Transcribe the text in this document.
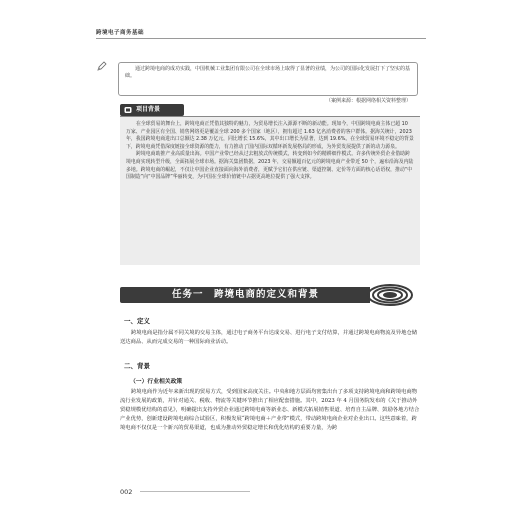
跨境电子商务基础
通过跨境电商的成功实践，中国机械工业集团有限公司在全球市场上取得了显著的业绩，为公司的国际化发展打下了坚实的基础。
（案例来源：根据网络相关资料整理）
项目背景

在全球贸易的舞台上，跨境电商正凭借其独特的魅力，为贸易增长注入源源不断的新动能。现如今，中国跨境电商主体已超 10 万家、产业园区有全国、销售网络更是覆盖全球 200 多个国家（地区），拥有超过 1.63 亿名消费者的客户群体。据海关统计，2023 年，我国跨境电商进出口总额达 2.38 万亿元，同比增长 15.6%，其中出口增长为显著，达到 19.6%。在全球贸易环境不稳定的背景下，跨境电商凭借深度链接全球资源的能力，有力推动了国内国际双循环新发展格局的形成，为外贸发展提供了新的动力源泉。

跨境电商助推产业高质量出海。中国产业带已经从过去粗放式传统模式，转变到如今的精耕细作模式。许多传统外贸企业借助跨境电商实现转型升级，全面拓展全球市场。据海关集团数据，2023 年，交易额超百亿元的跨境电商产业带近 50 个，遍布沿海及内陆多地。跨境电商的崛起，不仅让中国企业直接面向海外消费者，更赋予它们在供应链、渠道控制、定价等方面的核心话语权，推动“中国制造”向“中国品牌”华丽转变，为中国在全球价值链中占据更高地位提供了强大支撑。

任务一　跨境电商的定义和背景
一、定义

跨境电商是指分属不同关境的交易主体，通过电子商务平台达成交易、进行电子支付结算，并通过跨境电商物流及异地仓储送达商品、从而完成交易的一种国际商业活动。

二、背景
（一）行业相关政策

跨境电商作为近年来新出现的贸易方式，受到国家高度关注。中央和地方层面均密集出台了多项支持跨境电商和跨境电商物流行业发展的政策，并针对通关、税收、物流等关键环节推出了相应配套措施。其中，2023 年 4 月国务院发布的《关于推动外贸稳规模优结构的意见》，明确提出支持外贸企业通过跨境电商等新业态、新模式拓展销售渠道、培育自主品牌、鼓励各地方结合产业优势，创新建设跨境电商综合试验区，积极发展“跨境电商＋产业带”模式，带动跨境电商企业对企业出口。这些意味着，跨境电商不仅仅是一个新兴的贸易渠道，也成为推动外贸稳定增长和优化结构的重要力量，为跨

002
